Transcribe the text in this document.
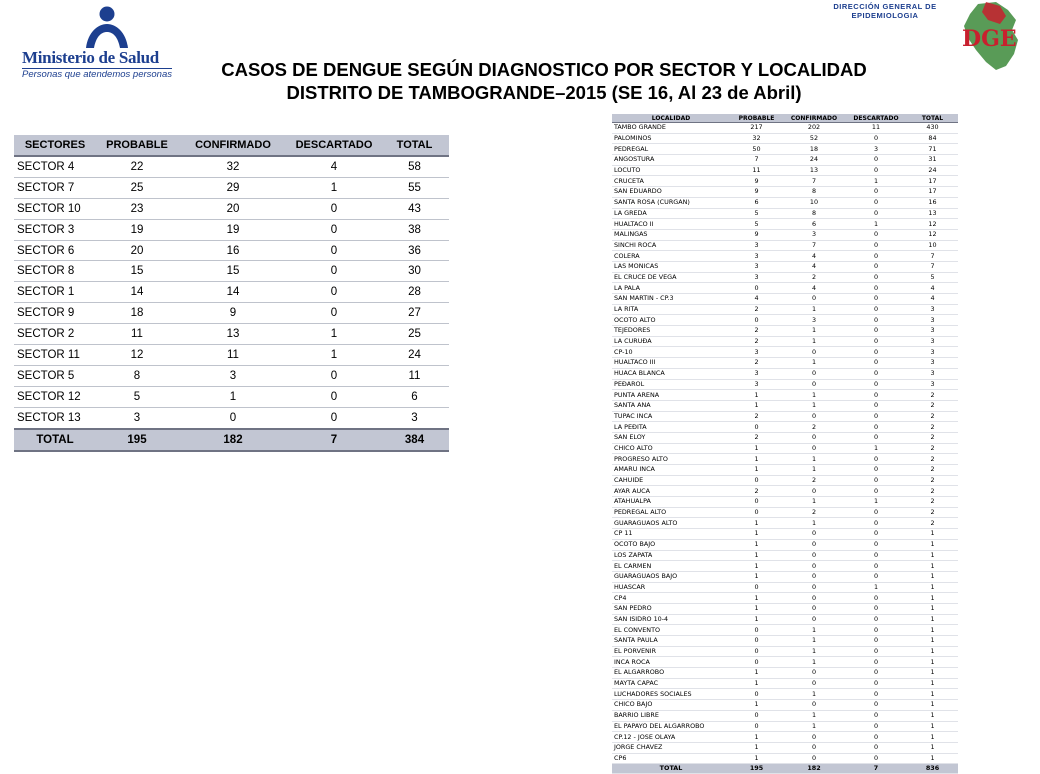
Ministerio de Salud
Personas que atendemos personas
DIRECCIÓN GENERAL DE
EPIDEMIOLOGIA
DGE
CASOS DE DENGUE SEGÚN DIAGNOSTICO POR SECTOR Y LOCALIDAD
DISTRITO DE TAMBOGRANDE–2015 (SE 16, Al 23 de Abril)
SECTORES	PROBABLE	CONFIRMADO	DESCARTADO	TOTAL
SECTOR 4	22	32	4	58
SECTOR 7	25	29	1	55
SECTOR 10	23	20	0	43
SECTOR 3	19	19	0	38
SECTOR 6	20	16	0	36
SECTOR 8	15	15	0	30
SECTOR 1	14	14	0	28
SECTOR 9	18	9	0	27
SECTOR 2	11	13	1	25
SECTOR 11	12	11	1	24
SECTOR 5	8	3	0	11
SECTOR 12	5	1	0	6
SECTOR 13	3	0	0	3
TOTAL	195	182	7	384
LOCALIDAD	PROBABLE	CONFIRMADO	DESCARTADO	TOTAL
TAMBO GRANDE	217	202	11	430
PALOMINOS	32	52	0	84
PEDREGAL	50	18	3	71
ANGOSTURA	7	24	0	31
LOCUTO	11	13	0	24
CRUCETA	9	7	1	17
SAN EDUARDO	9	8	0	17
SANTA ROSA (CURGAN)	6	10	0	16
LA GREDA	5	8	0	13
HUALTACO II	5	6	1	12
MALINGAS	9	3	0	12
SINCHI ROCA	3	7	0	10
COLERA	3	4	0	7
LAS MONICAS	3	4	0	7
EL CRUCE DE VEGA	3	2	0	5
LA PALA	0	4	0	4
SAN MARTIN - CP.3	4	0	0	4
LA RITA	2	1	0	3
OCOTO ALTO	0	3	0	3
TEJEDORES	2	1	0	3
LA CURUÐA	2	1	0	3
CP-10	3	0	0	3
HUALTACO III	2	1	0	3
HUACA BLANCA	3	0	0	3
PEÐAROL	3	0	0	3
PUNTA ARENA	1	1	0	2
SANTA ANA	1	1	0	2
TUPAC INCA	2	0	0	2
LA PEÐITA	0	2	0	2
SAN ELOY	2	0	0	2
CHICO ALTO	1	0	1	2
PROGRESO ALTO	1	1	0	2
AMARU INCA	1	1	0	2
CAHUIDE	0	2	0	2
AYAR AUCA	2	0	0	2
ATAHUALPA	0	1	1	2
PEDREGAL ALTO	0	2	0	2
GUARAGUAOS ALTO	1	1	0	2
CP 11	1	0	0	1
OCOTO BAJO	1	0	0	1
LOS ZAPATA	1	0	0	1
EL CARMEN	1	0	0	1
GUARAGUAOS BAJO	1	0	0	1
HUASCAR	0	0	1	1
CP4	1	0	0	1
SAN PEDRO	1	0	0	1
SAN ISIDRO 10-4	1	0	0	1
EL CONVENTO	0	1	0	1
SANTA PAULA	0	1	0	1
EL PORVENIR	0	1	0	1
INCA ROCA	0	1	0	1
EL ALGARROBO	1	0	0	1
MAYTA CAPAC	1	0	0	1
LUCHADORES SOCIALES	0	1	0	1
CHICO BAJO	1	0	0	1
BARRIO LIBRE	0	1	0	1
EL PAPAYO DEL ALGARROBO	0	1	0	1
CP.12 - JOSE OLAYA	1	0	0	1
JORGE CHAVEZ	1	0	0	1
CP6	1	0	0	1
TOTAL	195	182	7	836
